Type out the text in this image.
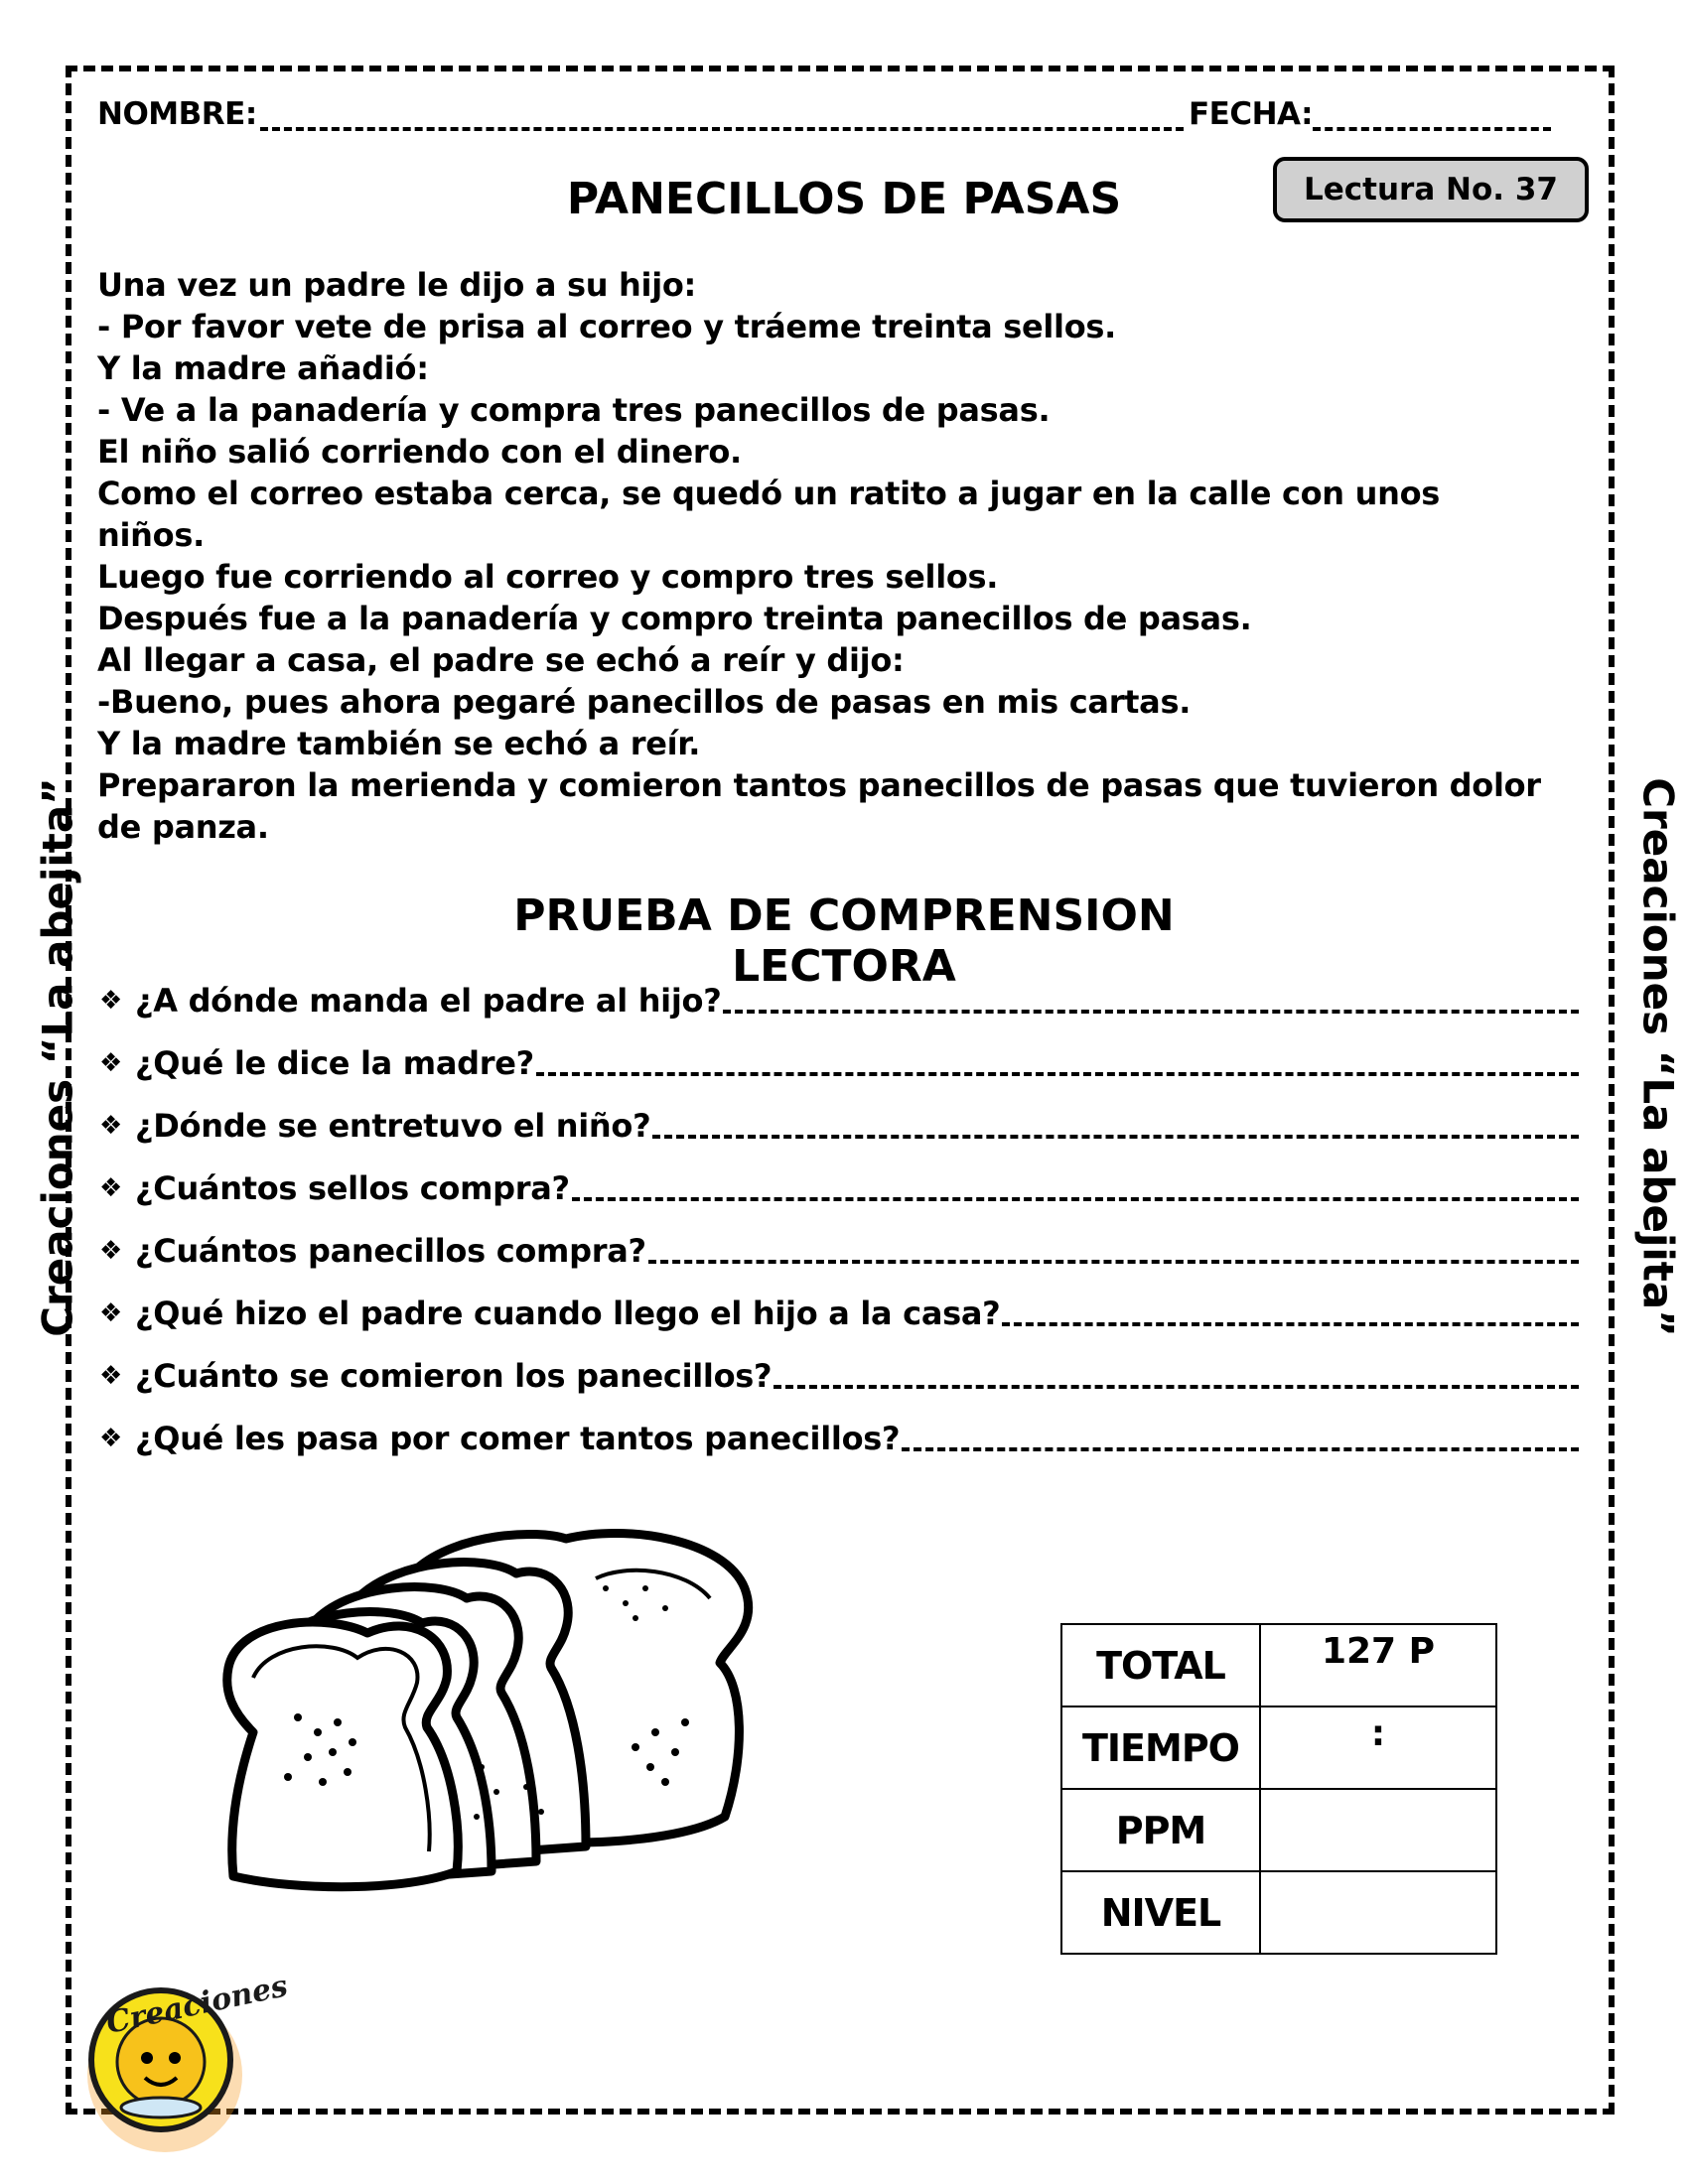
NOMBRE:	FECHA:
PANECILLOS DE PASAS	Lectura No. 37
Una vez un padre le dijo a su hijo:
- Por favor vete de prisa al correo y tráeme treinta sellos.
Y la madre añadió:
- Ve a la panadería y compra tres panecillos de pasas.
El niño salió corriendo con el dinero.
Como el correo estaba cerca, se quedó un ratito a jugar en la calle con unos
niños.
Luego fue corriendo al correo y compro tres sellos.
Después fue a la panadería y compro treinta panecillos de pasas.
Al llegar a casa, el padre se echó a reír y dijo:
-Bueno, pues ahora pegaré panecillos de pasas en mis cartas.
Y la madre también se echó a reír.
Prepararon la merienda y comieron tantos panecillos de pasas que tuvieron dolor
de panza.
PRUEBA DE COMPRENSION LECTORA
❖ ¿A dónde manda el padre al hijo?
❖ ¿Qué le dice la madre?
❖ ¿Dónde se entretuvo el niño?
❖ ¿Cuántos sellos compra?
❖ ¿Cuántos panecillos compra?
❖ ¿Qué hizo el padre cuando llego el hijo a la casa?
❖ ¿Cuánto se comieron los panecillos?
❖ ¿Qué les pasa por comer tantos panecillos?
Creaciones “La abejita”	Creaciones “La abejita”
TOTAL	127 P
TIEMPO	:
PPM	
NIVEL	
Creaciones
